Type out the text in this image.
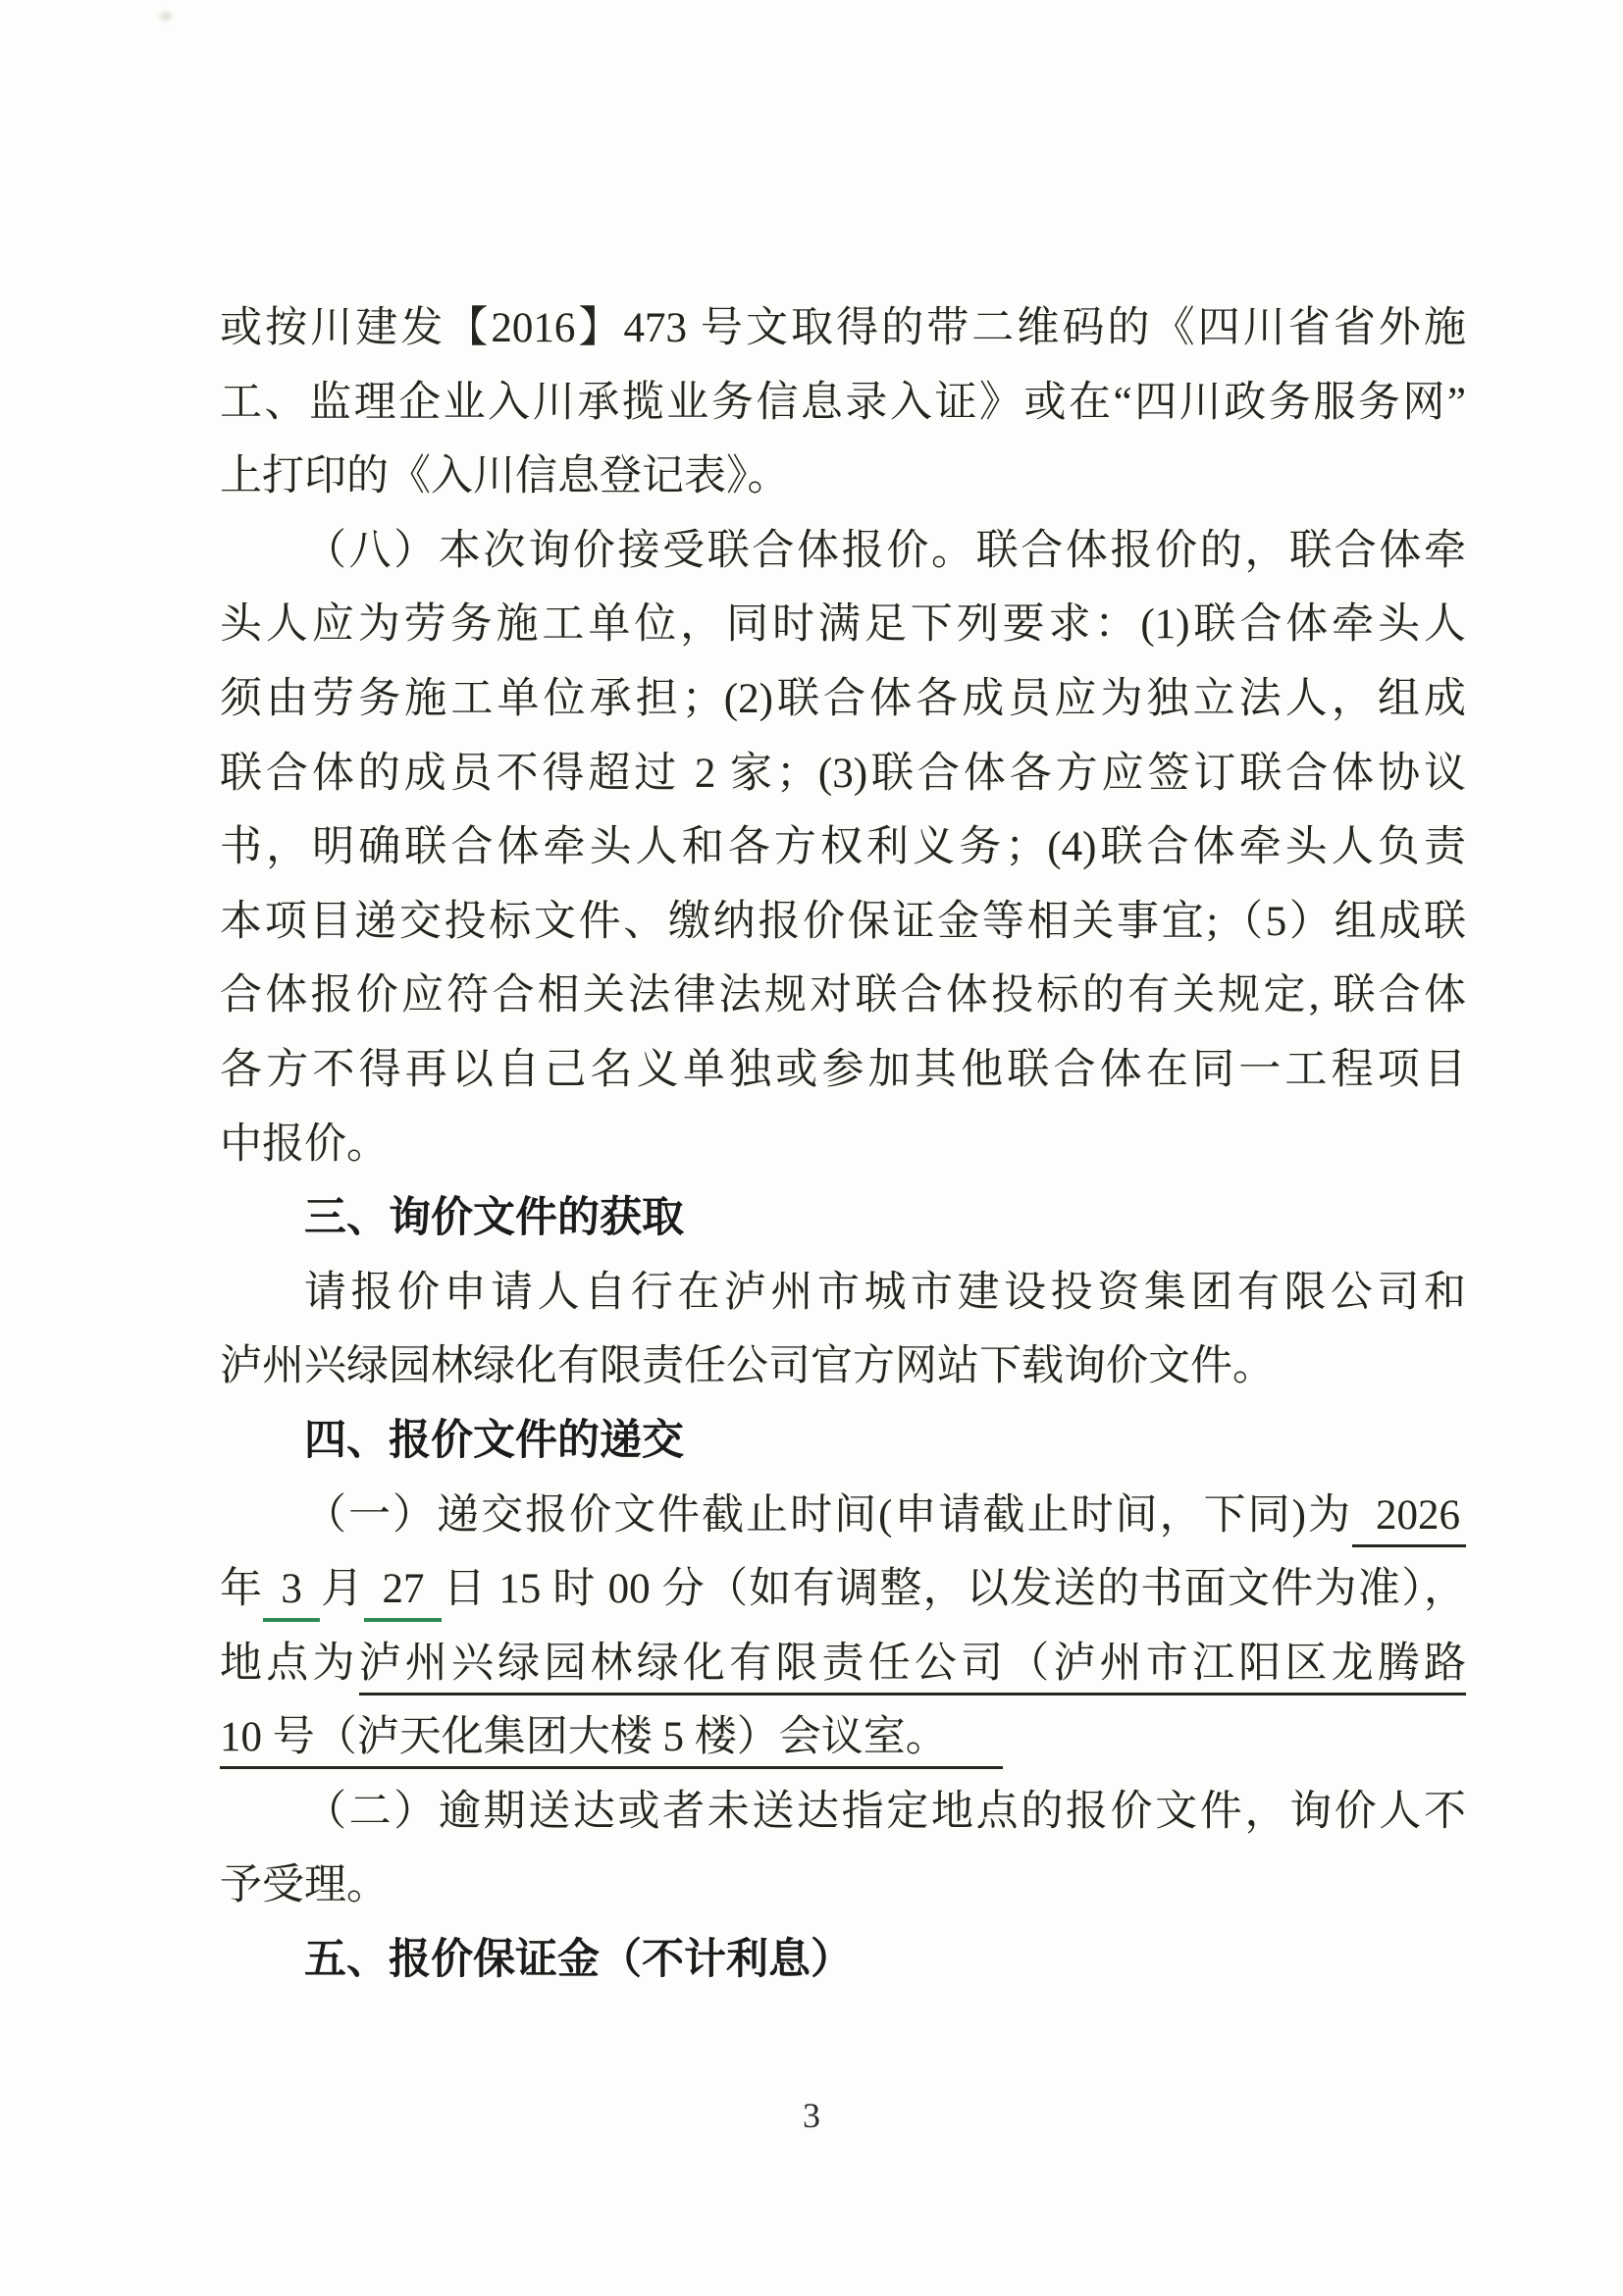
或按川建发【2016】473 号文取得的带二维码的《四川省省外施
工、监理企业入川承揽业务信息录入证》或在“四川政务服务网”
上打印的《入川信息登记表》。
（八）本次询价接受联合体报价。联合体报价的，联合体牵
头人应为劳务施工单位，同时满足下列要求：(1)联合体牵头人
须由劳务施工单位承担；(2)联合体各成员应为独立法人，组成
联合体的成员不得超过 2 家；(3)联合体各方应签订联合体协议
书，明确联合体牵头人和各方权利义务；(4)联合体牵头人负责
本项目递交投标文件、缴纳报价保证金等相关事宜;（5）组成联
合体报价应符合相关法律法规对联合体投标的有关规定, 联合体
各方不得再以自己名义单独或参加其他联合体在同一工程项目
中报价。
三、询价文件的获取
请报价申请人自行在泸州市城市建设投资集团有限公司和
泸州兴绿园林绿化有限责任公司官方网站下载询价文件。
四、报价文件的递交
（一）递交报价文件截止时间(申请截止时间，下同)为 2026
年 3 月 27 日 15 时 00 分（如有调整，以发送的书面文件为准），
地点为泸州兴绿园林绿化有限责任公司（泸州市江阳区龙腾路
10 号（泸天化集团大楼 5 楼）会议室。
（二）逾期送达或者未送达指定地点的报价文件，询价人不
予受理。
五、报价保证金（不计利息）
3
